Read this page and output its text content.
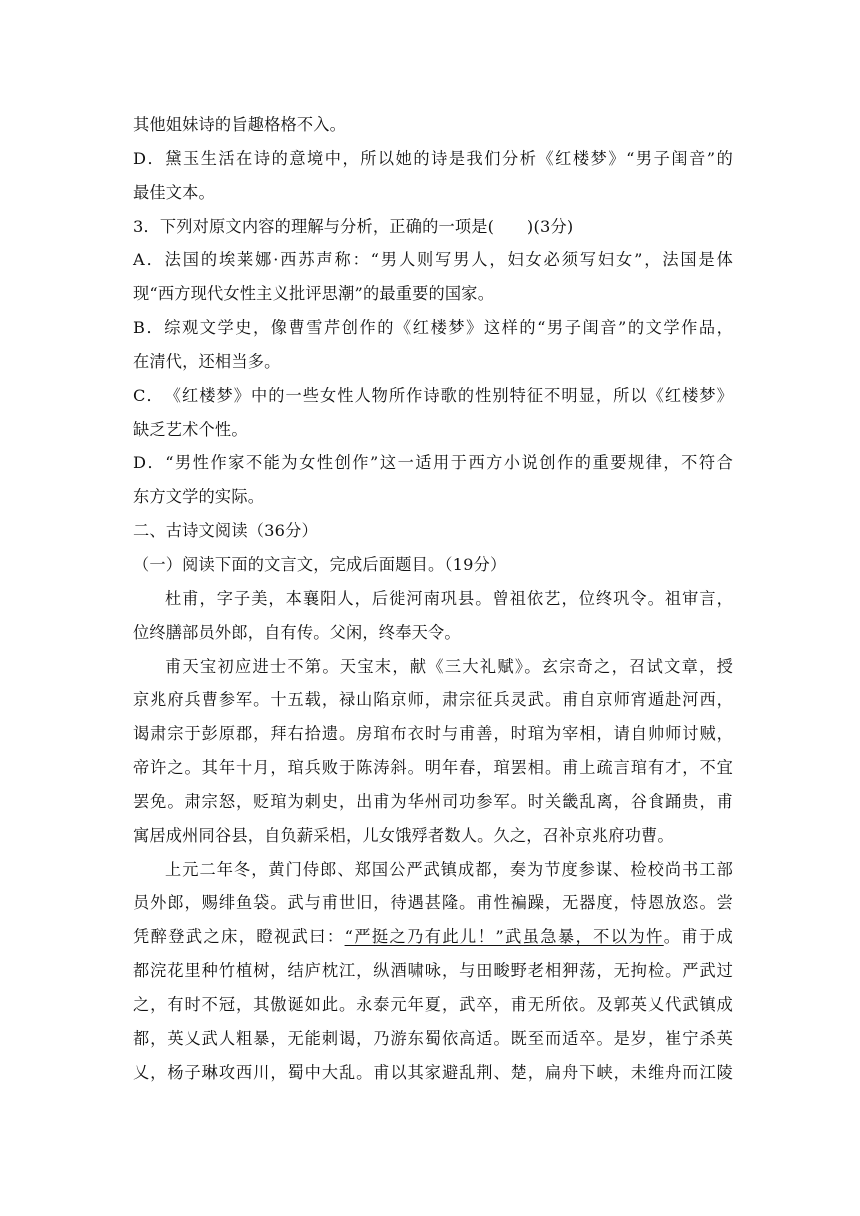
其他姐妹诗的旨趣格格不入。
D．黛玉生活在诗的意境中，所以她的诗是我们分析《红楼梦》“男子闺音”的
最佳文本。
3．下列对原文内容的理解与分析，正确的一项是(　　)(3分)
A．法国的埃莱娜·西苏声称：“男人则写男人，妇女必须写妇女”，法国是体
现“西方现代女性主义批评思潮”的最重要的国家。
B．综观文学史，像曹雪芹创作的《红楼梦》这样的“男子闺音”的文学作品，
在清代，还相当多。
C．　《红楼梦》中的一些女性人物所作诗歌的性别特征不明显，所以《红楼梦》
缺乏艺术个性。
D．“男性作家不能为女性创作”这一适用于西方小说创作的重要规律，不符合
东方文学的实际。
二、古诗文阅读（36分）
（一）阅读下面的文言文，完成后面题目。（19分）
杜甫，字子美，本襄阳人，后徙河南巩县。曾祖依艺，位终巩令。祖审言，
位终膳部员外郎，自有传。父闲，终奉天令。
甫天宝初应进士不第。天宝末，献《三大礼赋》。玄宗奇之，召试文章，授
京兆府兵曹参军。十五载，禄山陷京师，肃宗征兵灵武。甫自京师宵遁赴河西，
谒肃宗于彭原郡，拜右拾遗。房琯布衣时与甫善，时琯为宰相，请自帅师讨贼，
帝许之。其年十月，琯兵败于陈涛斜。明年春，琯罢相。甫上疏言琯有才，不宜
罢免。肃宗怒，贬琯为刺史，出甫为华州司功参军。时关畿乱离，谷食踊贵，甫
寓居成州同谷县，自负薪采梠，儿女饿殍者数人。久之，召补京兆府功曹。
上元二年冬，黄门侍郎、郑国公严武镇成都，奏为节度参谋、检校尚书工部
员外郎，赐绯鱼袋。武与甫世旧，待遇甚隆。甫性褊躁，无器度，恃恩放恣。尝
凭醉登武之床，瞪视武曰：“严挺之乃有此儿！”武虽急暴，不以为忤。甫于成
都浣花里种竹植树，结庐枕江，纵酒啸咏，与田畯野老相狎荡，无拘检。严武过
之，有时不冠，其傲诞如此。永泰元年夏，武卒，甫无所依。及郭英乂代武镇成
都，英乂武人粗暴，无能刺谒，乃游东蜀依高适。既至而适卒。是岁，崔宁杀英
乂，杨子琳攻西川，蜀中大乱。甫以其家避乱荆、楚，扁舟下峡，未维舟而江陵
